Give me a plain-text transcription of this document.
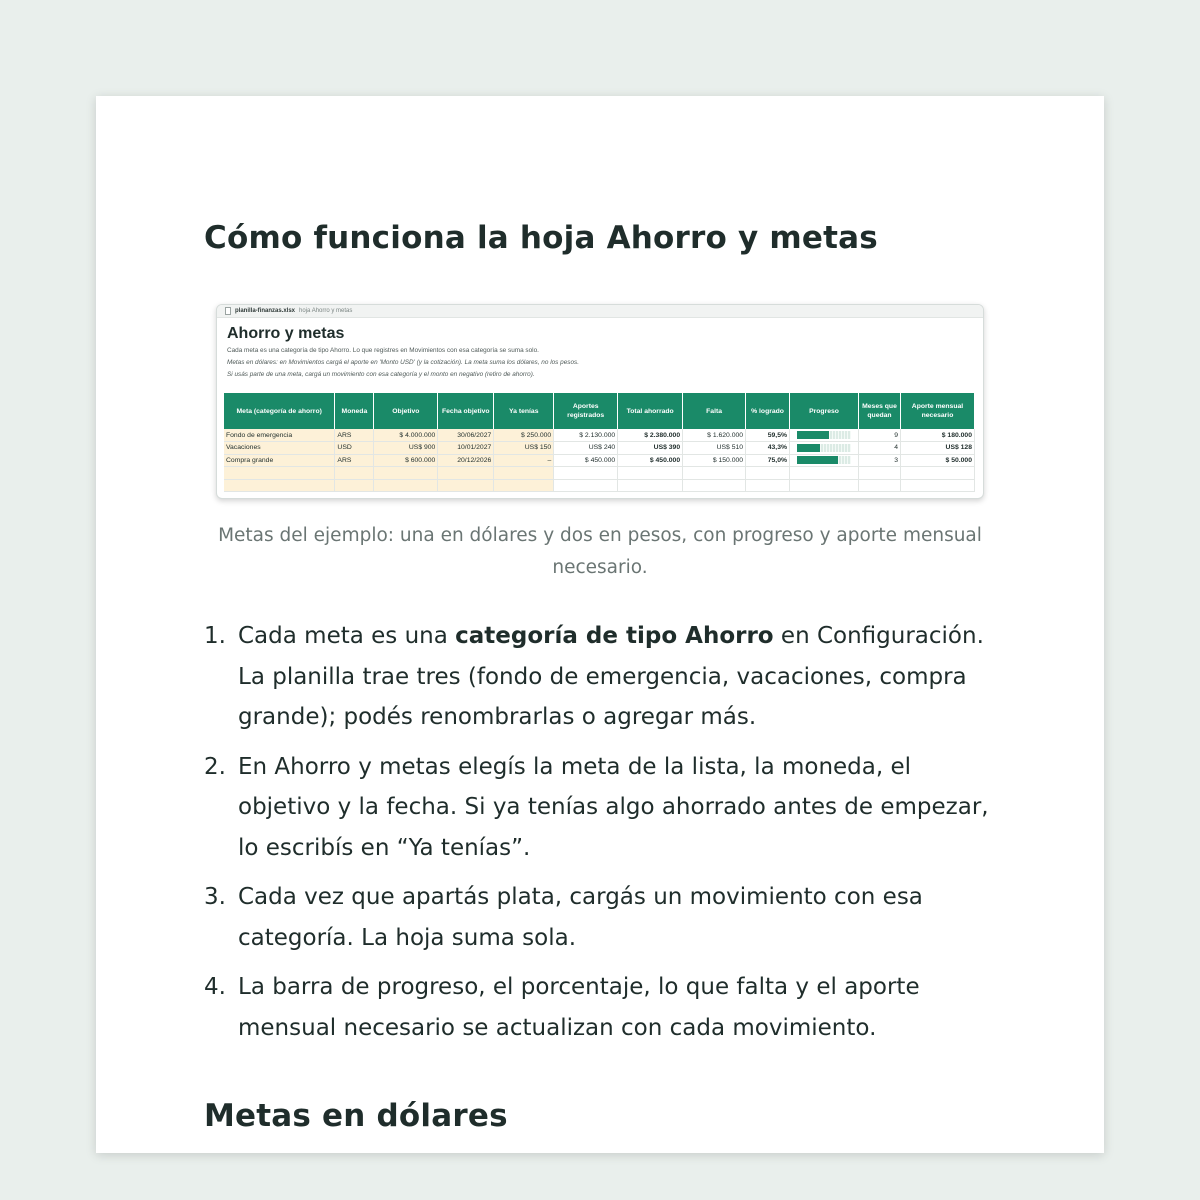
Cómo funciona la hoja Ahorro y metas
planilla-finanzas.xlsx hoja Ahorro y metas
Ahorro y metas
Cada meta es una categoría de tipo Ahorro. Lo que registres en Movimientos con esa categoría se suma solo.
Metas en dólares: en Movimientos cargá el aporte en 'Monto USD' (y la cotización). La meta suma los dólares, no los pesos.
Si usás parte de una meta, cargá un movimiento con esa categoría y el monto en negativo (retiro de ahorro).
Meta (categoría de ahorro)	Moneda	Objetivo	Fecha objetivo	Ya tenías	Aportes registrados	Total ahorrado	Falta	% logrado	Progreso	Meses que quedan	Aporte mensual necesario
Fondo de emergencia	ARS	$ 4.000.000	30/06/2027	$ 250.000	$ 2.130.000	$ 2.380.000	$ 1.620.000	59,5%		9	$ 180.000
Vacaciones	USD	US$ 900	10/01/2027	US$ 150	US$ 240	US$ 390	US$ 510	43,3%		4	US$ 128
Compra grande	ARS	$ 600.000	20/12/2026	–	$ 450.000	$ 450.000	$ 150.000	75,0%		3	$ 50.000

Metas del ejemplo: una en dólares y dos en pesos, con progreso y aporte mensual necesario.

1. Cada meta es una categoría de tipo Ahorro en Configuración. La planilla trae tres (fondo de emergencia, vacaciones, compra grande); podés renombrarlas o agregar más.
2. En Ahorro y metas elegís la meta de la lista, la moneda, el objetivo y la fecha. Si ya tenías algo ahorrado antes de empezar, lo escribís en “Ya tenías”.
3. Cada vez que apartás plata, cargás un movimiento con esa categoría. La hoja suma sola.
4. La barra de progreso, el porcentaje, lo que falta y el aporte mensual necesario se actualizan con cada movimiento.
Metas en dólares
